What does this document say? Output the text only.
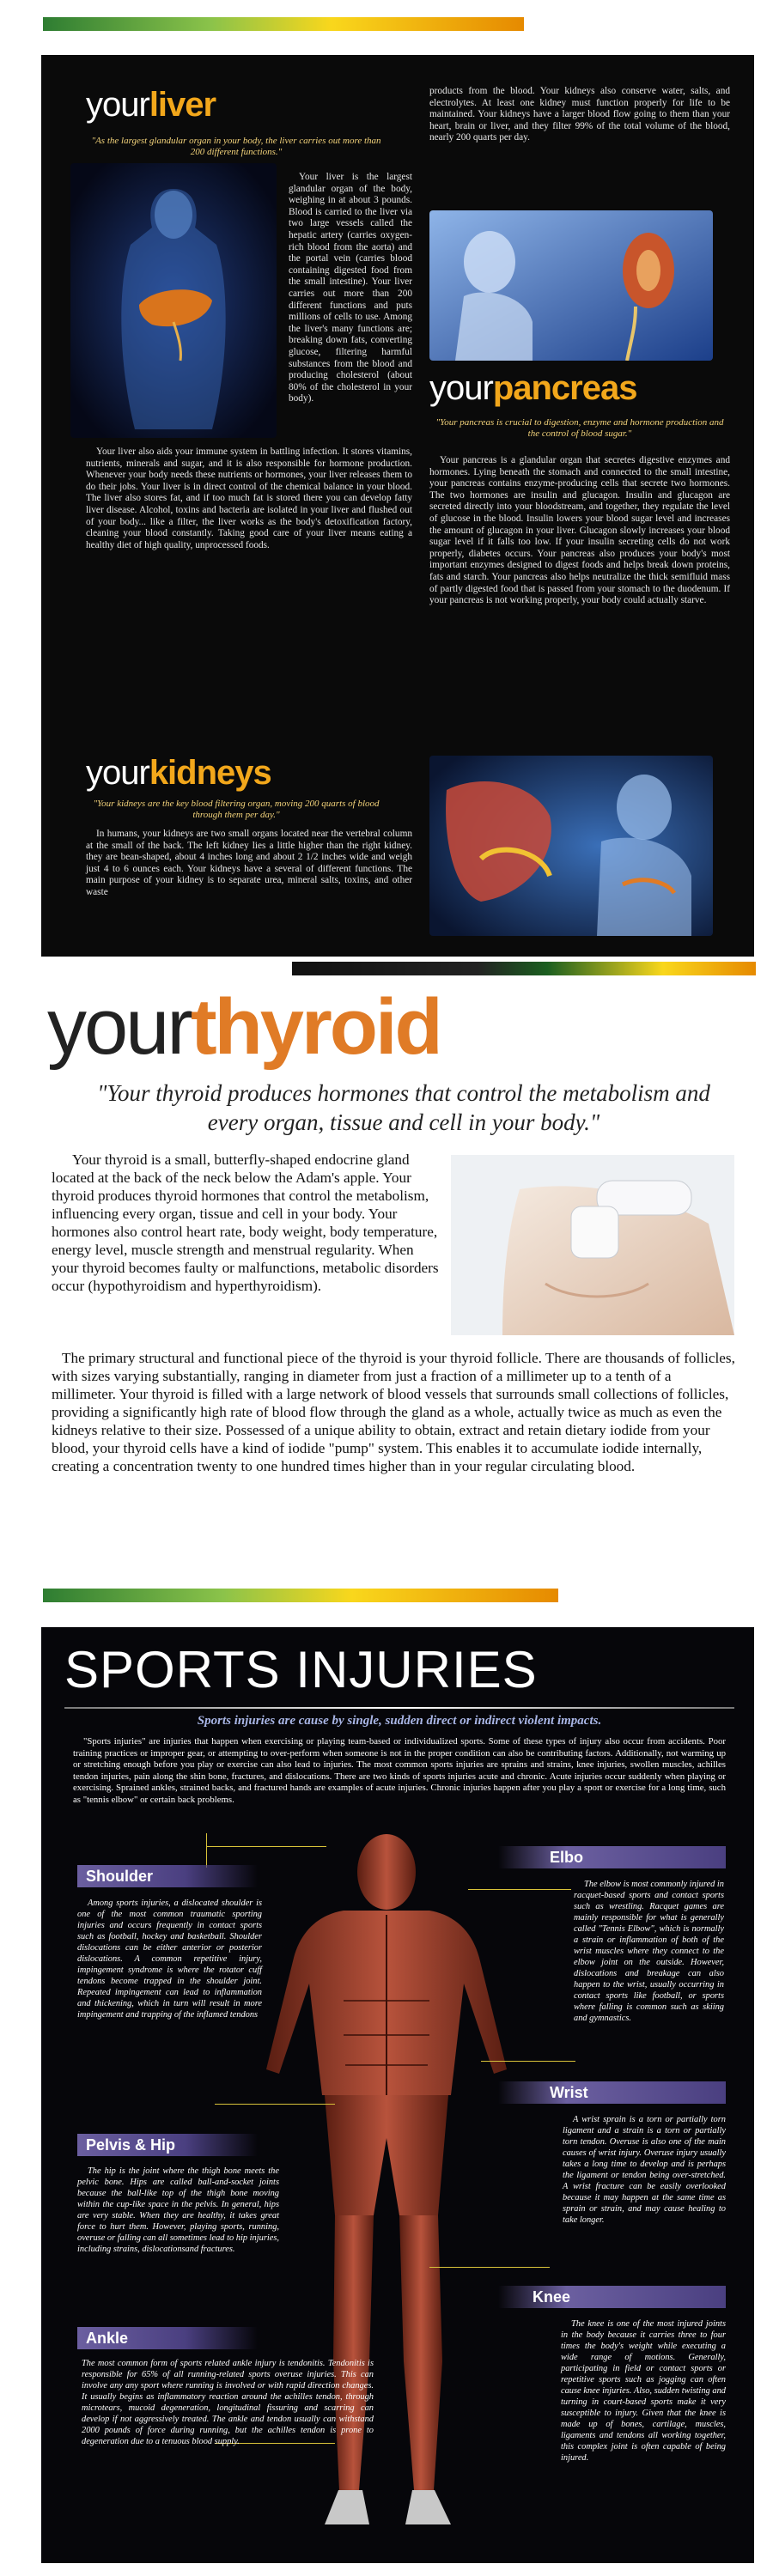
yourliver
"As the largest glandular organ in your body, the liver carries out more than 200 different functions."

Your liver is the largest glandular organ of the body, weighing in at about 3 pounds. Blood is carried to the liver via two large vessels called the hepatic artery (carries oxygen-rich blood from the aorta) and the portal vein (carries blood containing digested food from the small intestine). Your liver carries out more than 200 different functions and puts millions of cells to use. Among the liver's many functions are; breaking down fats, converting glucose, filtering harmful substances from the blood and producing cholesterol (about 80% of the cholesterol in your body).

yourkidneys
"Your kidneys are the key blood filtering organ, moving 200 quarts of blood through them per day."

In humans, your kidneys are two small organs located near the vertebral column at the small of the back. The left kidney lies a little higher than the right kidney. they are bean-shaped, about 4 inches long and about 2 1/2 inches wide and weigh just 4 to 6 ounces each. Your kidneys have a several of different functions. The main purpose of your kidney is to separate urea, mineral salts, toxins, and other waste

products from the blood. Your kidneys also conserve water, salts, and electrolytes. At least one kidney must function properly for life to be maintained. Your kidneys have a larger blood flow going to them than your heart, brain or liver, and they filter 99% of the total volume of the blood, nearly 200 quarts per day.

yourpancreas
"Your pancreas is crucial to digestion, enzyme and hormone production and the control of blood sugar."

Your pancreas is a glandular organ that secretes digestive enzymes and hormones. Lying beneath the stomach and connected to the small intestine, your pancreas contains enzyme-producing cells that secrete two hormones. The two hormones are insulin and glucagon. Insulin and glucagon are secreted directly into your bloodstream, and together, they regulate the level of glucose in the blood. Insulin lowers your blood sugar level and increases the amount of glucagon in your liver. Glucagon slowly increases your blood sugar level if it falls too low. If your insulin secreting cells do not work properly, diabetes occurs. Your pancreas also produces your body's most important enzymes designed to digest foods and helps break down proteins, fats and starch. Your pancreas also helps neutralize the thick semifluid mass of partly digested food that is passed from your stomach to the duodenum. If your pancreas is not working properly, your body could actually starve.

Your liver also aids your immune system in battling infection. It stores vitamins, nutrients, minerals and sugar, and it is also responsible for hormone production. Whenever your body needs these nutrients or hormones, your liver releases them to do their jobs. Your liver is in direct control of the chemical balance in your blood. The liver also stores fat, and if too much fat is stored there you can develop fatty liver disease. Alcohol, toxins and bacteria are isolated in your liver and flushed out of your body... like a filter, the liver works as the body's detoxification factory, cleaning your blood constantly. Taking good care of your liver means eating a healthy diet of high quality, unprocessed foods.

yourthyroid
"Your thyroid produces hormones that control the metabolism and every organ, tissue and cell in your body."

Your thyroid is a small, butterfly-shaped endocrine gland located at the back of the neck below the Adam's apple. Your thyroid produces thyroid hormones that control the metabolism, influencing every organ, tissue and cell in your body. Your hormones also control heart rate, body weight, body temperature, energy level, muscle strength and menstrual regularity. When your thyroid becomes faulty or malfunctions, metabolic disorders occur (hypothyroidism and hyperthyroidism).

The primary structural and functional piece of the thyroid is your thyroid follicle. There are thousands of follicles, with sizes varying substantially, ranging in diameter from just a fraction of a millimeter up to a tenth of a millimeter. Your thyroid is filled with a large network of blood vessels that surrounds small collections of follicles, providing a significantly high rate of blood flow through the gland as a whole, actually twice as much as even the kidneys relative to their size. Possessed of a unique ability to obtain, extract and retain dietary iodide from your blood, your thyroid cells have a kind of iodide "pump" system. This enables it to accumulate iodide internally, creating a concentration twenty to one hundred times higher than in your regular circulating blood.

SPORTS INJURIES
Sports injuries are cause by single, sudden direct or indirect violent impacts.

"Sports injuries" are injuries that happen when exercising or playing team-based or individualized sports. Some of these types of injury also occur from accidents. Poor training practices or improper gear, or attempting to over-perform when someone is not in the proper condition can also be contributing factors. Additionally, not warming up or stretching enough before you play or exercise can also lead to injuries. The most common sports injuries are sprains and strains, knee injuries, swollen muscles, achilles tendon injuries, pain along the shin bone, fractures, and dislocations. There are two kinds of sports injuries acute and chronic. Acute injuries occur suddenly when playing or exercising. Sprained ankles, strained backs, and fractured hands are examples of acute injuries. Chronic injuries happen after you play a sport or exercise for a long time, such as "tennis elbow" or certain back problems.

Shoulder

Among sports injuries, a dislocated shoulder is one of the most common traumatic sporting injuries and occurs frequently in contact sports such as football, hockey and basketball. Shoulder dislocations can be either anterior or posterior dislocations. A common repetitive injury, impingement syndrome is where the rotator cuff tendons become trapped in the shoulder joint. Repeated impingement can lead to inflammation and thickening, which in turn will result in more impingement and trapping of the inflamed tendons

Pelvis & Hip

The hip is the joint where the thigh bone meets the pelvic bone. Hips are called ball-and-socket joints because the ball-like top of the thigh bone moving within the cup-like space in the pelvis. In general, hips are very stable. When they are healthy, it takes great force to hurt them. However, playing sports, running, overuse or falling can all sometimes lead to hip injuries, including strains, dislocationsand fractures.

Ankle

The most common form of sports related ankle injury is tendonitis. Tendonitis is responsible for 65% of all running-related sports overuse injuries. This can involve any any sport where running is involved or with rapid direction changes. It usually begins as inflammatory reaction around the achilles tendon, through microtears, mucoid degeneration, longitudinal fissuring and scarring can develop if not aggressively treated. The ankle and tendon usually can withstand 2000 pounds of force during running, but the achilles tendon is prone to degeneration due to a tenuous blood supply.

Elbo

The elbow is most commonly injured in racquet-based sports and contact sports such as wrestling. Racquet games are mainly responsible for what is generally called "Tennis Elbow", which is normally a strain or inflammation of both of the wrist muscles where they connect to the elbow joint on the outside. However, dislocations and breakage can also happen to the wrist, usually occurring in contact sports like football, or sports where falling is common such as skiing and gymnastics.

Wrist

A wrist sprain is a torn or partially torn ligament and a strain is a torn or partially torn tendon. Overuse is also one of the main causes of wrist injury. Overuse injury usually takes a long time to develop and is perhaps the ligament or tendon being over-stretched. A wrist fracture can be easily overlooked because it may happen at the same time as sprain or strain, and may cause healing to take longer.

Knee

The knee is one of the most injured joints in the body because it carries three to four times the body's weight while executing a wide range of motions. Generally, participating in field or contact sports or repetitive sports such as jogging can often cause knee injuries. Also, sudden twisting and turning in court-based sports make it very susceptible to injury. Given that the knee is made up of bones, cartilage, muscles, ligaments and tendons all working together, this complex joint is often capable of being injured.
